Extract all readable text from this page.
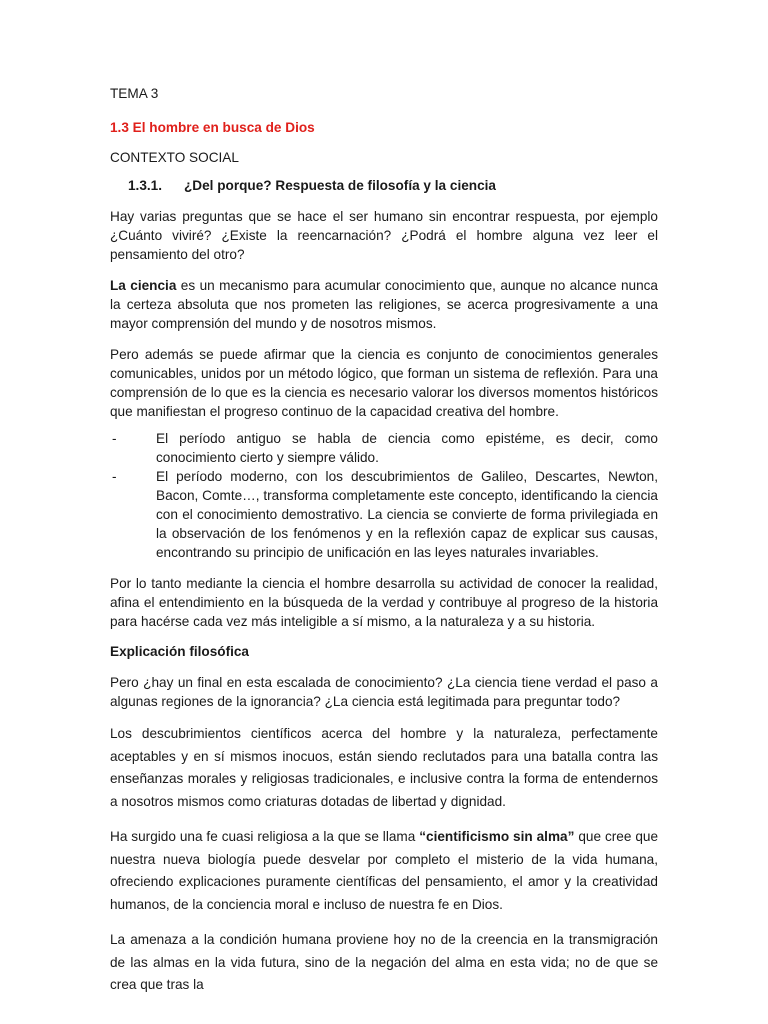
TEMA 3
1.3 El hombre en busca de Dios
CONTEXTO SOCIAL
1.3.1. ¿Del porque? Respuesta de filosofía y la ciencia

Hay varias preguntas que se hace el ser humano sin encontrar respuesta, por ejemplo ¿Cuánto viviré? ¿Existe la reencarnación? ¿Podrá el hombre alguna vez leer el pensamiento del otro?

La ciencia es un mecanismo para acumular conocimiento que, aunque no alcance nunca la certeza absoluta que nos prometen las religiones, se acerca progresivamente a una mayor comprensión del mundo y de nosotros mismos.

Pero además se puede afirmar que la ciencia es conjunto de conocimientos generales comunicables, unidos por un método lógico, que forman un sistema de reflexión. Para una comprensión de lo que es la ciencia es necesario valorar los diversos momentos históricos que manifiestan el progreso continuo de la capacidad creativa del hombre.

-	El período antiguo se habla de ciencia como epistéme, es decir, como conocimiento cierto y siempre válido.
-	El período moderno, con los descubrimientos de Galileo, Descartes, Newton, Bacon, Comte…, transforma completamente este concepto, identificando la ciencia con el conocimiento demostrativo. La ciencia se convierte de forma privilegiada en la observación de los fenómenos y en la reflexión capaz de explicar sus causas, encontrando su principio de unificación en las leyes naturales invariables.

Por lo tanto mediante la ciencia el hombre desarrolla su actividad de conocer la realidad, afina el entendimiento en la búsqueda de la verdad y contribuye al progreso de la historia para hacérse cada vez más inteligible a sí mismo, a la naturaleza y a su historia.

Explicación filosófica

Pero ¿hay un final en esta escalada de conocimiento? ¿La ciencia tiene verdad el paso a algunas regiones de la ignorancia? ¿La ciencia está legitimada para preguntar todo?

Los descubrimientos científicos acerca del hombre y la naturaleza, perfectamente aceptables y en sí mismos inocuos, están siendo reclutados para una batalla contra las enseñanzas morales y religiosas tradicionales, e inclusive contra la forma de entendernos a nosotros mismos como criaturas dotadas de libertad y dignidad.

Ha surgido una fe cuasi religiosa a la que se llama “cientificismo sin alma” que cree que nuestra nueva biología puede desvelar por completo el misterio de la vida humana, ofreciendo explicaciones puramente científicas del pensamiento, el amor y la creatividad humanos, de la conciencia moral e incluso de nuestra fe en Dios.

La amenaza a la condición humana proviene hoy no de la creencia en la transmigración de las almas en la vida futura, sino de la negación del alma en esta vida; no de que se crea que tras la
